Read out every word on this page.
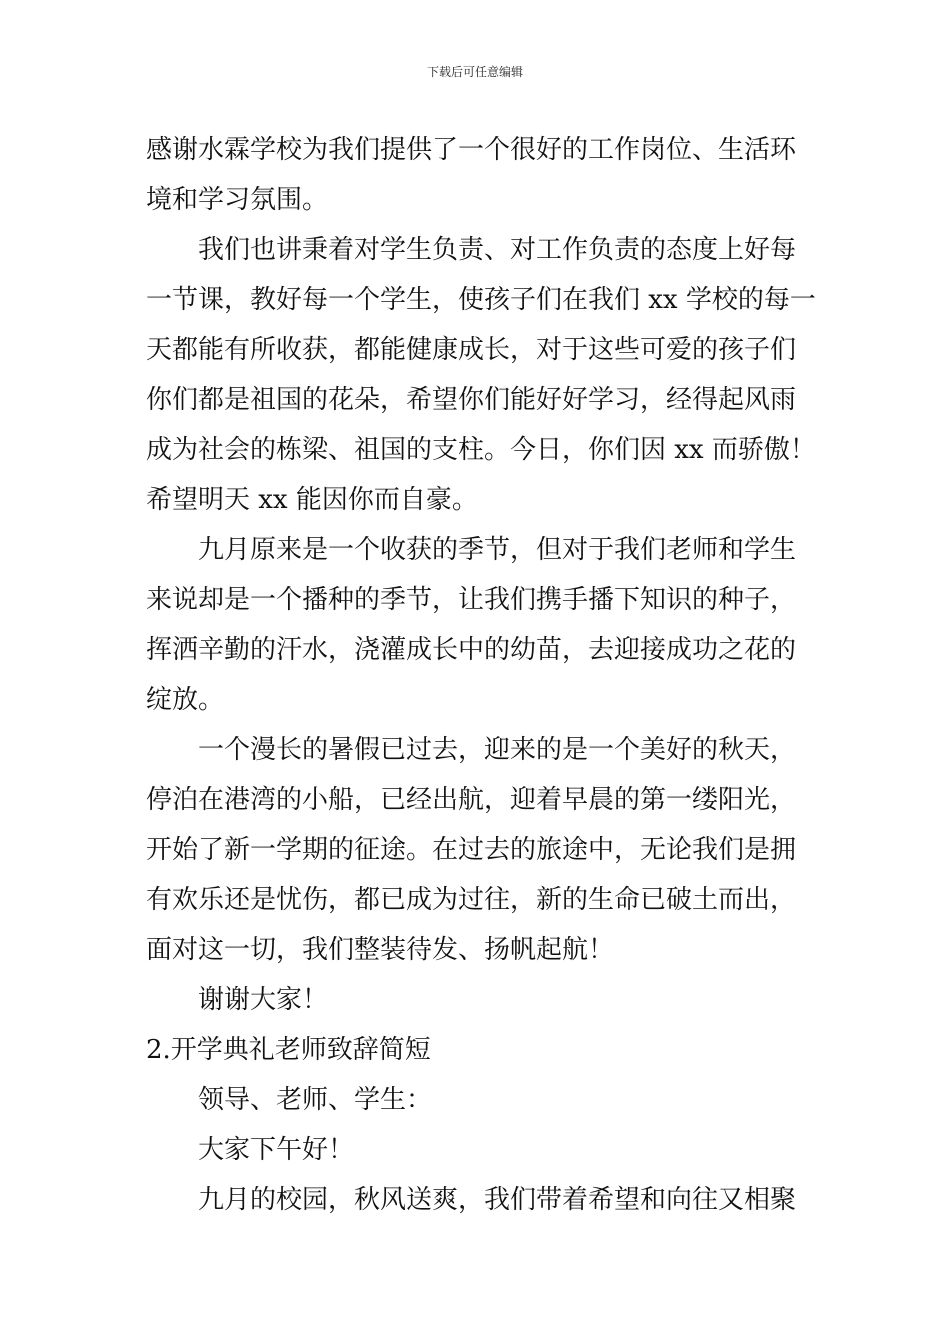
下载后可任意编辑
感谢水霖学校为我们提供了一个很好的工作岗位、生活环
境和学习氛围。
我们也讲秉着对学生负责、对工作负责的态度上好每
一节课，教好每一个学生，使孩子们在我们 xx 学校的每一
天都能有所收获，都能健康成长，对于这些可爱的孩子们
你们都是祖国的花朵，希望你们能好好学习，经得起风雨
成为社会的栋梁、祖国的支柱。今日，你们因 xx 而骄傲！
希望明天 xx 能因你而自豪。
九月原来是一个收获的季节，但对于我们老师和学生
来说却是一个播种的季节，让我们携手播下知识的种子，
挥洒辛勤的汗水，浇灌成长中的幼苗，去迎接成功之花的
绽放。
一个漫长的暑假已过去，迎来的是一个美好的秋天，
停泊在港湾的小船，已经出航，迎着早晨的第一缕阳光，
开始了新一学期的征途。在过去的旅途中，无论我们是拥
有欢乐还是忧伤，都已成为过往，新的生命已破土而出，
面对这一切，我们整装待发、扬帆起航！
谢谢大家！
2.开学典礼老师致辞简短
领导、老师、学生：
大家下午好！
九月的校园，秋风送爽，我们带着希望和向往又相聚
